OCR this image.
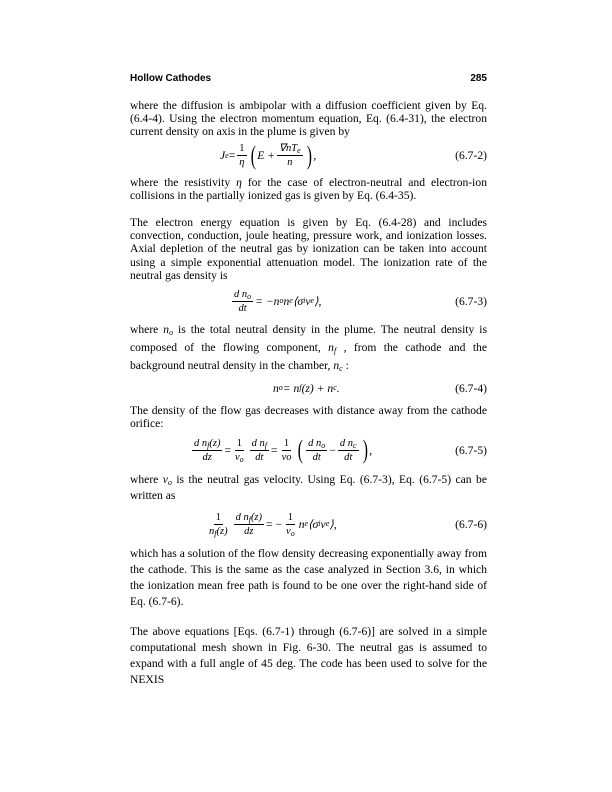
Hollow Cathodes	285

where the diffusion is ambipolar with a diffusion coefficient given by Eq. (6.4-4). Using the electron momentum equation, Eq. (6.4-31), the electron current density on axis in the plume is given by

J $e = \frac{1}{\eta}$ ( $E + \frac{\nabla nT_e}{n}$ ) ,	(6.7-2)

where the resistivity η for the case of electron-neutral and electron-ion collisions in the partially ionized gas is given by Eq. (6.4-35).

The electron energy equation is given by Eq. (6.4-28) and includes convection, conduction, joule heating, pressure work, and ionization losses. Axial depletion of the neutral gas by ionization can be taken into account using a simple exponential attenuation model. The ionization rate of the neutral gas density is

$\frac{d n_o}{dt} = -n$ o n e ⟨σ i v e ⟩,	(6.7-3)

where $n_o$ is the total neutral density in the plume. The neutral density is composed of the flowing component, $n_f$ , from the cathode and the background neutral density in the chamber, $n_c$ :

n o = n f (z) + n c .	(6.7-4)

The density of the flow gas decreases with distance away from the cathode orifice:

$\frac{d n_f(z)}{dz} = \frac{1}{v_o} \frac{d n_f}{dt} = \frac{1}{vo}$ ( $\frac{d n_o}{dt} - \frac{d n_c}{dt}$ ) ,	(6.7-5)

where $v_o$ is the neutral gas velocity. Using Eq. (6.7-3), Eq. (6.7-5) can be written as

$\frac{1}{n_f(z)} \frac{d n_f(z)}{dz}$ = − $\frac{1}{v_o}$ n e ⟨σ i v e ⟩,	(6.7-6)

which has a solution of the flow density decreasing exponentially away from the cathode. This is the same as the case analyzed in Section 3.6, in which the ionization mean free path is found to be one over the right-hand side of Eq. (6.7-6).

The above equations [Eqs. (6.7-1) through (6.7-6)] are solved in a simple computational mesh shown in Fig. 6-30. The neutral gas is assumed to expand with a full angle of 45 deg. The code has been used to solve for the NEXIS
